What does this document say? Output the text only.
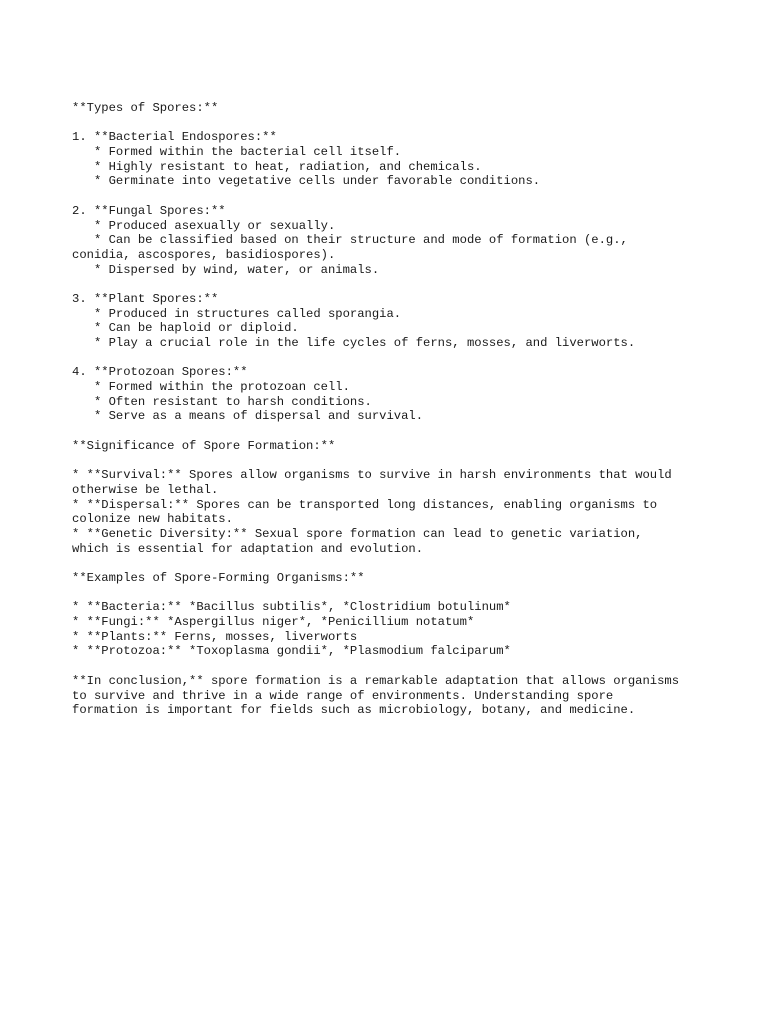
**Types of Spores:**
1. **Bacterial Endospores:**
* Formed within the bacterial cell itself.
* Highly resistant to heat, radiation, and chemicals.
* Germinate into vegetative cells under favorable conditions.
2. **Fungal Spores:**
* Produced asexually or sexually.
* Can be classified based on their structure and mode of formation (e.g.,
conidia, ascospores, basidiospores).
* Dispersed by wind, water, or animals.
3. **Plant Spores:**
* Produced in structures called sporangia.
* Can be haploid or diploid.
* Play a crucial role in the life cycles of ferns, mosses, and liverworts.
4. **Protozoan Spores:**
* Formed within the protozoan cell.
* Often resistant to harsh conditions.
* Serve as a means of dispersal and survival.
**Significance of Spore Formation:**
* **Survival:** Spores allow organisms to survive in harsh environments that would
otherwise be lethal.
* **Dispersal:** Spores can be transported long distances, enabling organisms to
colonize new habitats.
* **Genetic Diversity:** Sexual spore formation can lead to genetic variation,
which is essential for adaptation and evolution.
**Examples of Spore-Forming Organisms:**
* **Bacteria:** *Bacillus subtilis*, *Clostridium botulinum*
* **Fungi:** *Aspergillus niger*, *Penicillium notatum*
* **Plants:** Ferns, mosses, liverworts
* **Protozoa:** *Toxoplasma gondii*, *Plasmodium falciparum*
**In conclusion,** spore formation is a remarkable adaptation that allows organisms
to survive and thrive in a wide range of environments. Understanding spore
formation is important for fields such as microbiology, botany, and medicine.
